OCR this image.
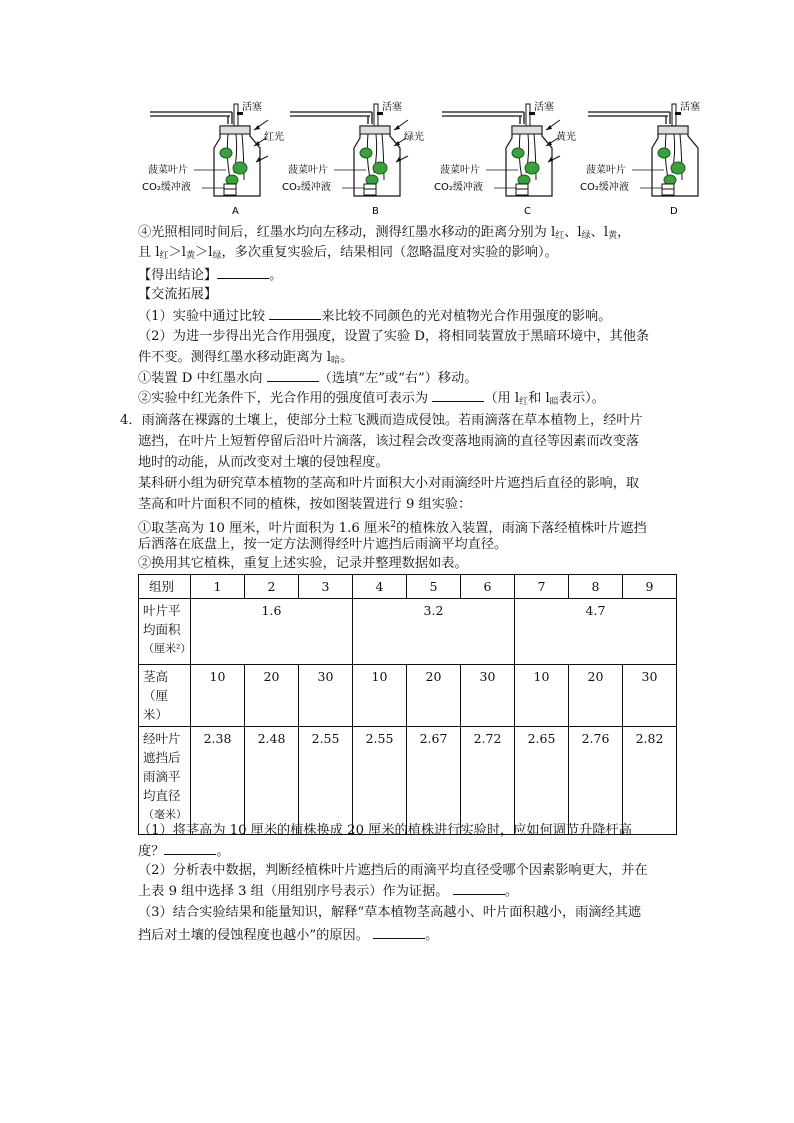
活塞
红光
菠菜叶片
CO₂缓冲液
A
活塞
绿光
菠菜叶片
CO₂缓冲液
B
活塞
黄光
菠菜叶片
CO₂缓冲液
C
活塞
菠菜叶片
CO₂缓冲液
D
④光照相同时间后，红墨水均向左移动，测得红墨水移动的距离分别为 $l_红$、$l_绿$、$l_黄$，
且 $l_红>l_黄>l_绿$，多次重复实验后，结果相同（忽略温度对实验的影响）。
【得出结论】	。
【交流拓展】
（1）实验中通过比较	来比较不同颜色的光对植物光合作用强度的影响。
（2）为进一步得出光合作用强度，设置了实验 D，将相同装置放于黑暗环境中，其他条
件不变。测得红墨水移动距离为 $l_暗$。
①装置 D 中红墨水向	（选填“左”或“右”）移动。
②实验中红光条件下，光合作用的强度值可表示为	（用 $l_红$和 $l_暗$表示）。
4．雨滴落在裸露的土壤上，使部分土粒飞溅而造成侵蚀。若雨滴落在草本植物上，经叶片
遮挡，在叶片上短暂停留后沿叶片滴落，该过程会改变落地雨滴的直径等因素而改变落
地时的动能，从而改变对土壤的侵蚀程度。
某科研小组为研究草本植物的茎高和叶片面积大小对雨滴经叶片遮挡后直径的影响，取
茎高和叶片面积不同的植株，按如图装置进行 9 组实验：
①取茎高为 10 厘米，叶片面积为 1.6 厘米$^2$的植株放入装置，雨滴下落经植株叶片遮挡
后洒落在底盘上，按一定方法测得经叶片遮挡后雨滴平均直径。
②换用其它植株，重复上述实验，记录并整理数据如表。
组别	1	2	3	4	5	6	7	8	9

叶片平
均面积
（厘米²）	1.6			3.2			4.7		

茎高（厘
米）	10	20	30	10	20	30	10	20	30

经叶片
遮挡后
雨滴平
均直径
（毫米）	2.38	2.48	2.55	2.55	2.67	2.72	2.65	2.76	2.82
（1）将茎高为 10 厘米的植株换成 20 厘米的植株进行实验时，应如何调节升降杆高
度？	。
（2）分析表中数据，判断经植株叶片遮挡后的雨滴平均直径受哪个因素影响更大，并在
上表 9 组中选择 3 组（用组别序号表示）作为证据。	。
（3）结合实验结果和能量知识，解释“草本植物茎高越小、叶片面积越小，雨滴经其遮
挡后对土壤的侵蚀程度也越小”的原因。	。
